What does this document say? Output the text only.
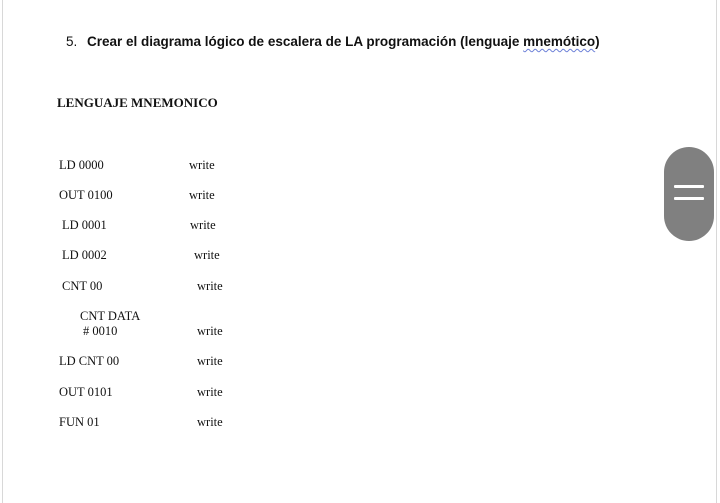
5. Crear el diagrama lógico de escalera de LA programación (lenguaje mnemótico)
LENGUAJE MNEMONICO
LD 0000	write
OUT 0100	write
LD 0001	write
LD 0002	write
CNT 00	write
CNT DATA
# 0010	write
LD CNT 00	write
OUT 0101	write
FUN 01	write
